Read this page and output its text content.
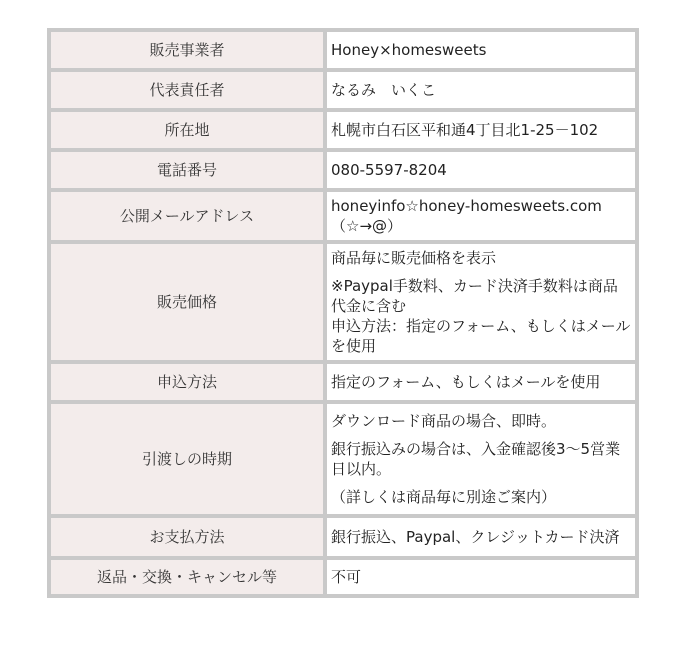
販売事業者	Honey×homesweets

代表責任者	なるみ　いくこ

所在地	札幌市白石区平和通4丁目北1-25－102

電話番号	080-5597-8204

公開メールアドレス	honeyinfo☆honey-homesweets.com

（☆→@）

販売価格	商品毎に販売価格を表示

※Paypal手数料、カード決済手数料は商品代金に含む

申込方法：指定のフォーム、もしくはメールを使用

申込方法	指定のフォーム、もしくはメールを使用

引渡しの時期	ダウンロード商品の場合、即時。

銀行振込みの場合は、入金確認後3～5営業日以内。

（詳しくは商品毎に別途ご案内）

お支払方法	銀行振込、Paypal、クレジットカード決済

返品・交換・キャンセル等	不可
